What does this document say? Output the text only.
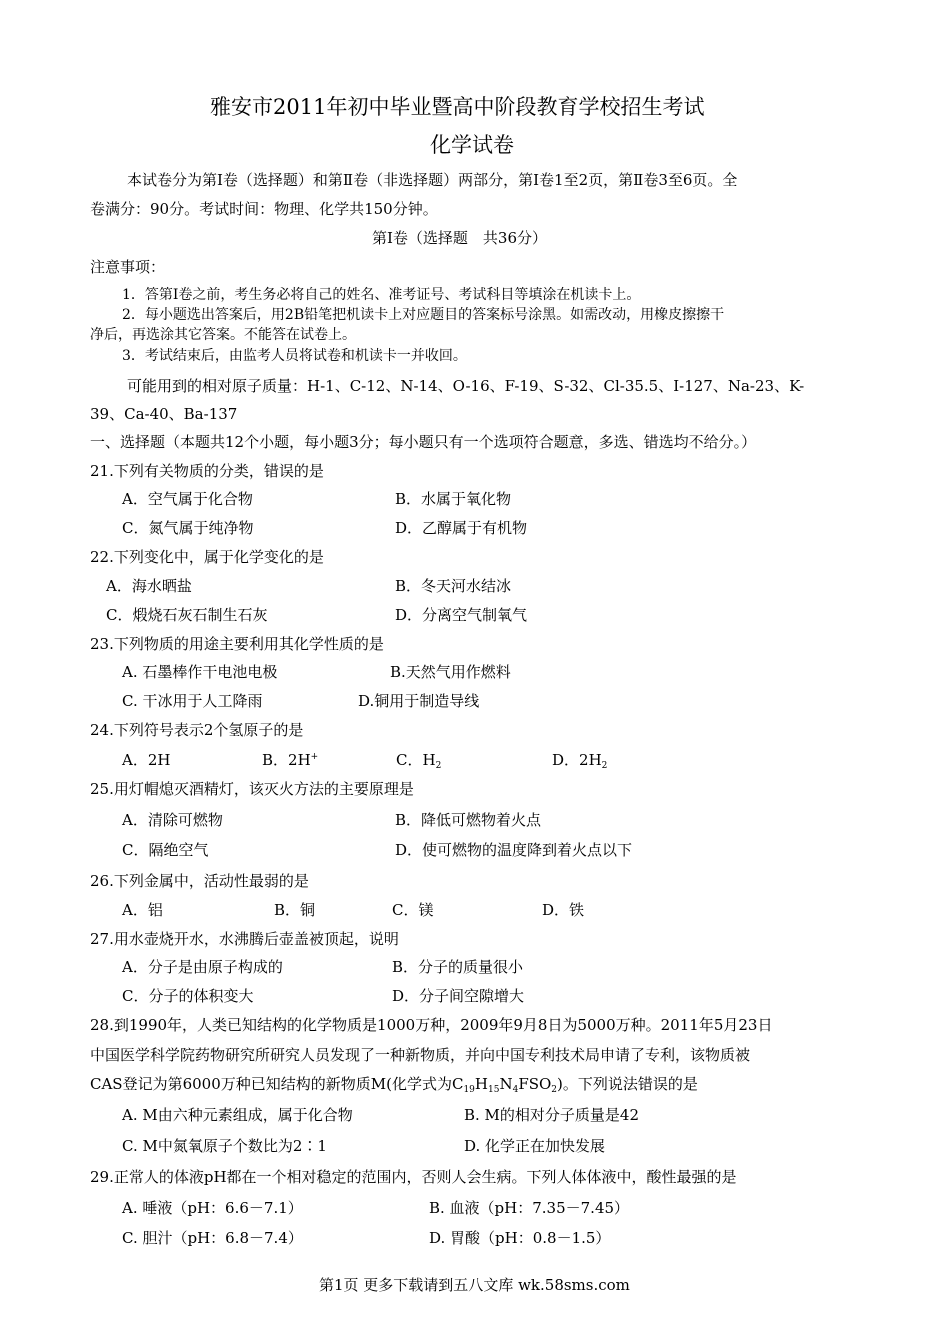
雅安市2011年初中毕业暨高中阶段教育学校招生考试
化学试卷
本试卷分为第Ⅰ卷（选择题）和第Ⅱ卷（非选择题）两部分，第Ⅰ卷1至2页，第Ⅱ卷3至6页。全
卷满分：90分。考试时间：物理、化学共150分钟。
第Ⅰ卷（选择题　共36分）
注意事项：
1．答第Ⅰ卷之前，考生务必将自己的姓名、准考证号、考试科目等填涂在机读卡上。
2．每小题选出答案后，用2B铅笔把机读卡上对应题目的答案标号涂黑。如需改动，用橡皮擦擦干
净后，再选涂其它答案。不能答在试卷上。
3．考试结束后，由监考人员将试卷和机读卡一并收回。
可能用到的相对原子质量：H-1、C-12、N-14、O-16、F-19、S-32、Cl-35.5、I-127、Na-23、K-
39、Ca-40、Ba-137
一、选择题（本题共12个小题，每小题3分；每小题只有一个选项符合题意，多选、错选均不给分。）
21.下列有关物质的分类，错误的是
A．空气属于化合物	B．水属于氧化物
C．氮气属于纯净物	D．乙醇属于有机物
22.下列变化中，属于化学变化的是
A．海水晒盐	B．冬天河水结冰
C．煅烧石灰石制生石灰	D．分离空气制氧气
23.下列物质的用途主要利用其化学性质的是
A. 石墨棒作干电池电极	B.天然气用作燃料
C. 干冰用于人工降雨	D.铜用于制造导线
24.下列符号表示2个氢原子的是
A．2H	B．2H+	C．$H_2$	D．$2H_2$
25.用灯帽熄灭酒精灯，该灭火方法的主要原理是
A．清除可燃物	B．降低可燃物着火点
C．隔绝空气	D．使可燃物的温度降到着火点以下
26.下列金属中，活动性最弱的是
A．铝	B．铜	C．镁	D．铁
27.用水壶烧开水，水沸腾后壶盖被顶起，说明
A．分子是由原子构成的	B．分子的质量很小
C．分子的体积变大	D．分子间空隙增大
28.到1990年，人类已知结构的化学物质是1000万种，2009年9月8日为5000万种。2011年5月23日
中国医学科学院药物研究所研究人员发现了一种新物质，并向中国专利技术局申请了专利，该物质被
CAS登记为第6000万种已知结构的新物质M(化学式为$C_{19}H_{15}N_4FSO_2$)。下列说法错误的是
A. M由六种元素组成，属于化合物	B. M的相对分子质量是42
C. M中氮氧原子个数比为2∶1	D. 化学正在加快发展
29.正常人的体液pH都在一个相对稳定的范围内，否则人会生病。下列人体体液中，酸性最强的是
A. 唾液（pH：6.6－7.1）	B. 血液（pH：7.35－7.45）
C. 胆汁（pH：6.8－7.4）	D. 胃酸（pH：0.8－1.5）
第1页 更多下载请到五八文库 wk.58sms.com
